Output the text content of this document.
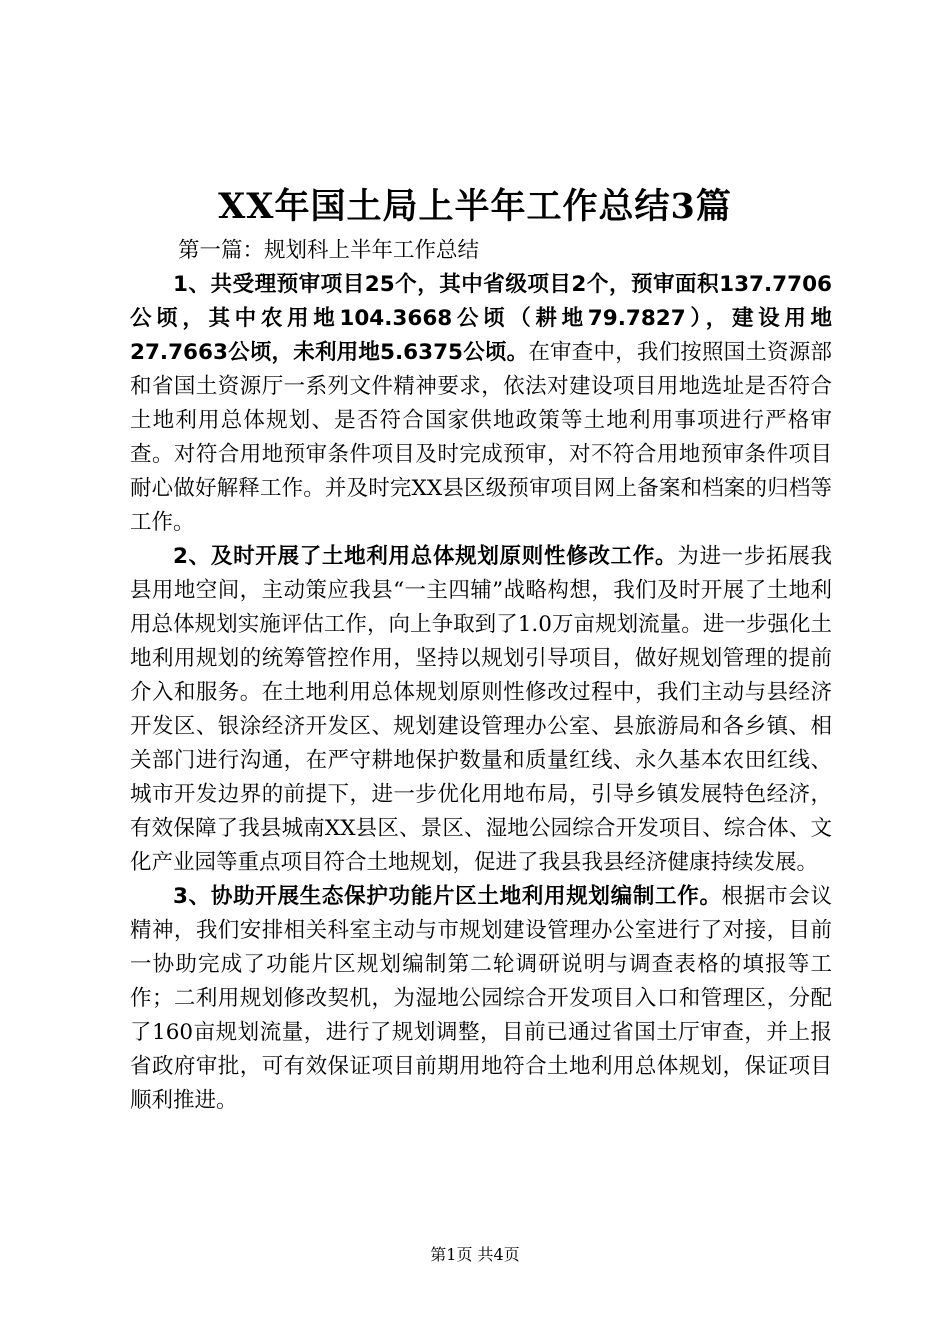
XX年国土局上半年工作总结3篇

第一篇：规划科上半年工作总结

1、共受理预审项目25个，其中省级项目2个，预审面积137.7706公顷，其中农用地104.3668公顷（耕地79.7827），建设用地27.7663公顷，未利用地5.6375公顷。在审查中，我们按照国土资源部和省国土资源厅一系列文件精神要求，依法对建设项目用地选址是否符合土地利用总体规划、是否符合国家供地政策等土地利用事项进行严格审查。对符合用地预审条件项目及时完成预审，对不符合用地预审条件项目耐心做好解释工作。并及时完XX县区级预审项目网上备案和档案的归档等工作。

2、及时开展了土地利用总体规划原则性修改工作。为进一步拓展我县用地空间，主动策应我县“一主四辅”战略构想，我们及时开展了土地利用总体规划实施评估工作，向上争取到了1.0万亩规划流量。进一步强化土地利用规划的统筹管控作用，坚持以规划引导项目，做好规划管理的提前介入和服务。在土地利用总体规划原则性修改过程中，我们主动与县经济开发区、银涂经济开发区、规划建设管理办公室、县旅游局和各乡镇、相关部门进行沟通，在严守耕地保护数量和质量红线、永久基本农田红线、城市开发边界的前提下，进一步优化用地布局，引导乡镇发展特色经济，有效保障了我县城南XX县区、景区、湿地公园综合开发项目、综合体、文化产业园等重点项目符合土地规划，促进了我县我县经济健康持续发展。

3、协助开展生态保护功能片区土地利用规划编制工作。根据市会议精神，我们安排相关科室主动与市规划建设管理办公室进行了对接，目前一协助完成了功能片区规划编制第二轮调研说明与调查表格的填报等工作；二利用规划修改契机，为湿地公园综合开发项目入口和管理区，分配了160亩规划流量，进行了规划调整，目前已通过省国土厅审查，并上报省政府审批，可有效保证项目前期用地符合土地利用总体规划，保证项目顺利推进。

第1页 共4页
